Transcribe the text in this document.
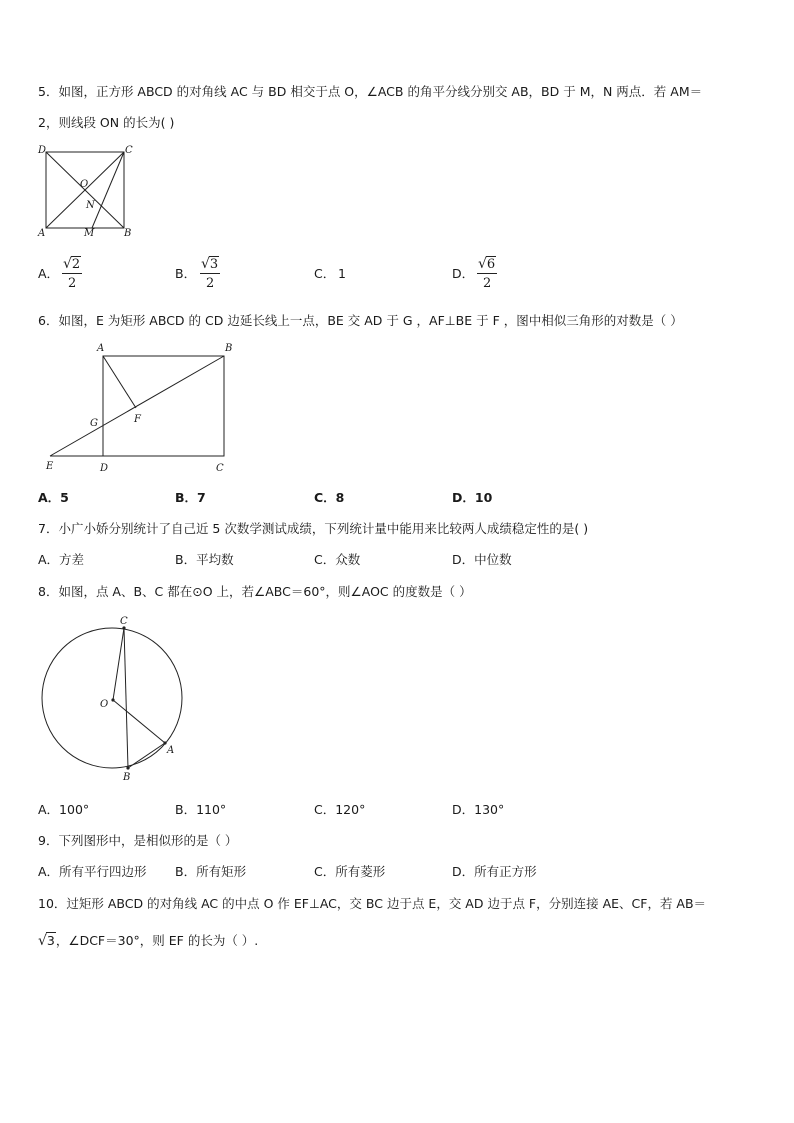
5．如图，正方形 ABCD 的对角线 AC 与 BD 相交于点 O，∠ACB 的角平分线分别交 AB，BD 于 M，N 两点．若 AM＝
2，则线段 ON 的长为( )
D	C
O
N
A	M	B
A． $\frac{√2}{2}$	B． $\frac{√3}{2}$	C． 1	D． $\frac{√6}{2}$
6．如图，E 为矩形 ABCD 的 CD 边延长线上一点，BE 交 AD 于 G ，AF⊥BE 于 F ，图中相似三角形的对数是（ ）
A	B
G	F
E	D	C
A．5	B．7	C．8	D．10
7．小广小娇分别统计了自己近 5 次数学测试成绩，下列统计量中能用来比较两人成绩稳定性的是( )
A．方差	B．平均数	C．众数	D．中位数
8．如图，点 A、B、C 都在⊙O 上，若∠ABC＝60°，则∠AOC 的度数是（ ）
C
O
A
B
A．100°	B．110°	C．120°	D．130°
9．下列图形中，是相似形的是（ ）
A．所有平行四边形 B．所有矩形	C．所有菱形	D．所有正方形
10．过矩形 ABCD 的对角线 AC 的中点 O 作 EF⊥AC，交 BC 边于点 E，交 AD 边于点 F，分别连接 AE、CF，若 AB＝
√3，∠DCF＝30°，则 EF 的长为（ ）.
